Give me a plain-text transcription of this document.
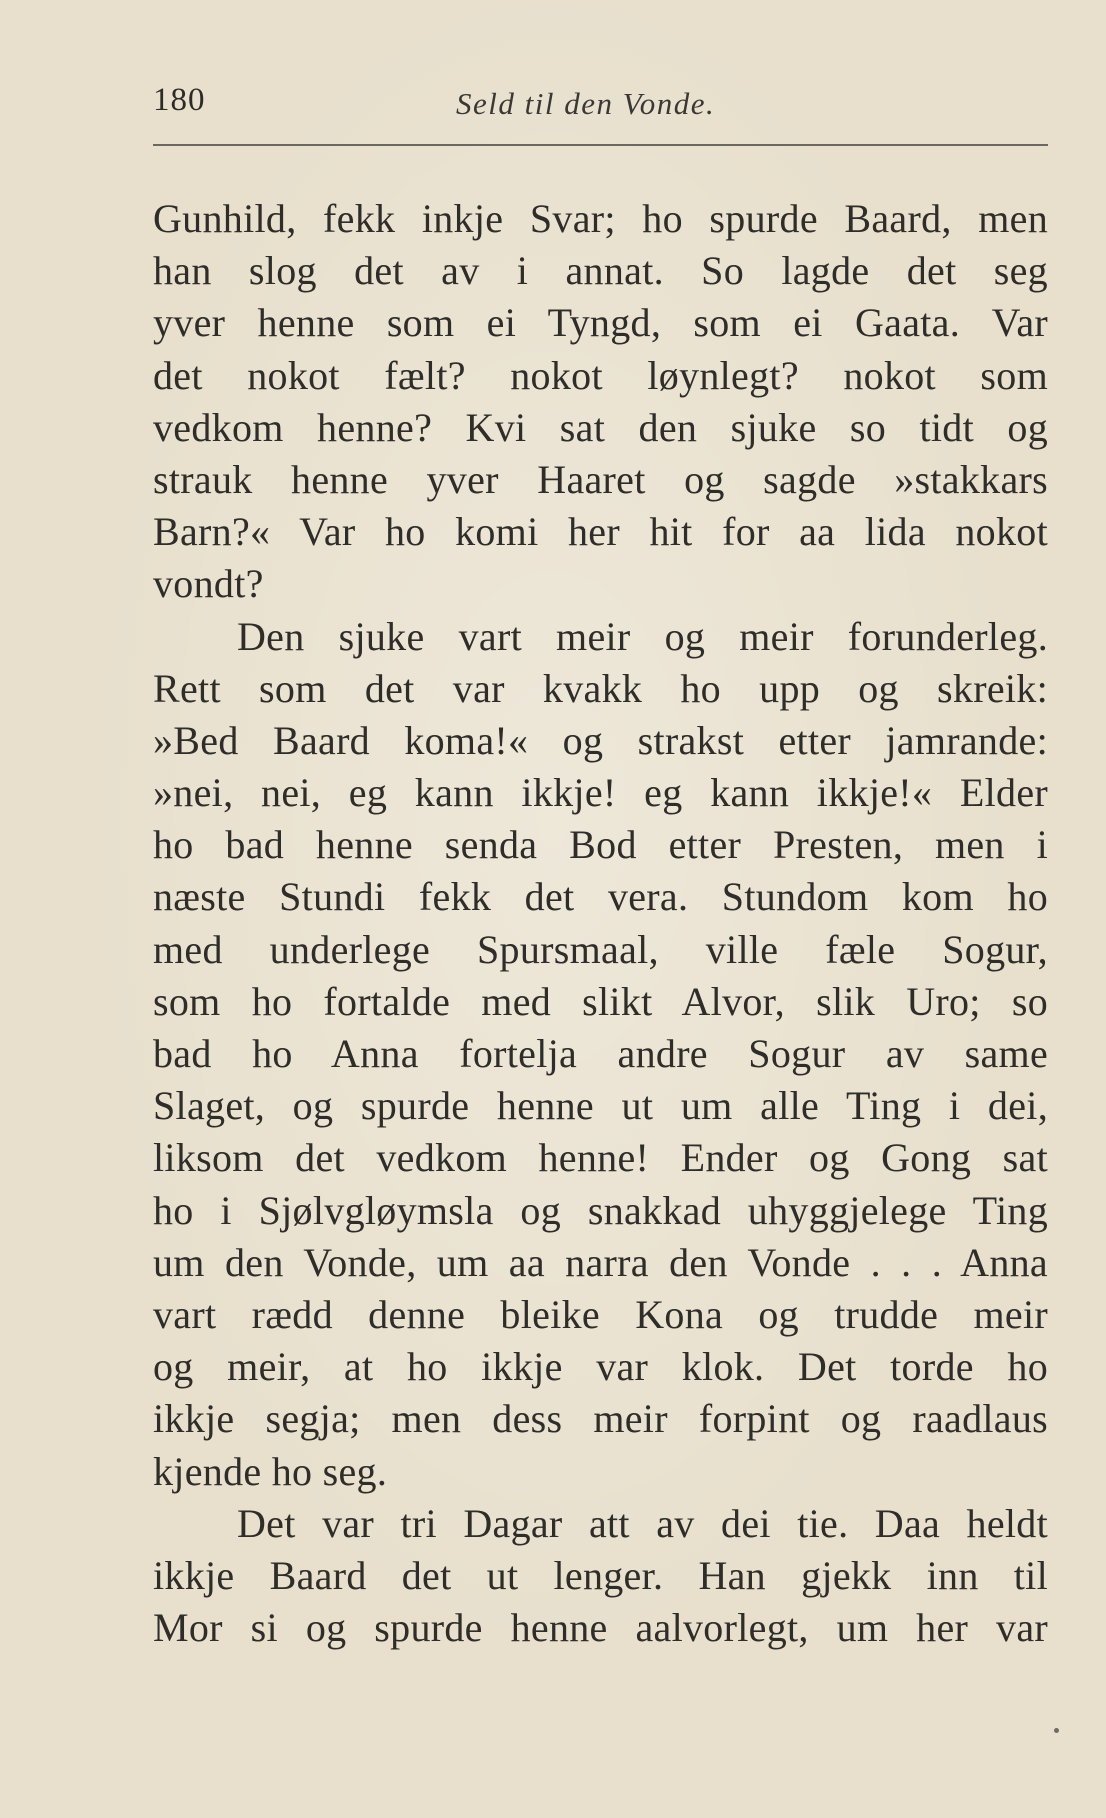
180	Seld til den Vonde.
Gunhild, fekk inkje Svar; ho spurde Baard, men
han slog det av i annat. So lagde det seg
yver henne som ei Tyngd, som ei Gaata. Var
det nokot fælt? nokot løynlegt? nokot som
vedkom henne? Kvi sat den sjuke so tidt og
strauk henne yver Haaret og sagde »stakkars
Barn?« Var ho komi her hit for aa lida nokot
vondt?
Den sjuke vart meir og meir forunderleg.
Rett som det var kvakk ho upp og skreik:
»Bed Baard koma!« og strakst etter jamrande:
»nei, nei, eg kann ikkje! eg kann ikkje!« Elder
ho bad henne senda Bod etter Presten, men i
næste Stundi fekk det vera. Stundom kom ho
med underlege Spursmaal, ville fæle Sogur,
som ho fortalde med slikt Alvor, slik Uro; so
bad ho Anna fortelja andre Sogur av same
Slaget, og spurde henne ut um alle Ting i dei,
liksom det vedkom henne! Ender og Gong sat
ho i Sjølvgløymsla og snakkad uhyggjelege Ting
um den Vonde, um aa narra den Vonde . . . Anna
vart rædd denne bleike Kona og trudde meir
og meir, at ho ikkje var klok. Det torde ho
ikkje segja; men dess meir forpint og raadlaus
kjende ho seg.
Det var tri Dagar att av dei tie. Daa heldt
ikkje Baard det ut lenger. Han gjekk inn til
Mor si og spurde henne aalvorlegt, um her var
